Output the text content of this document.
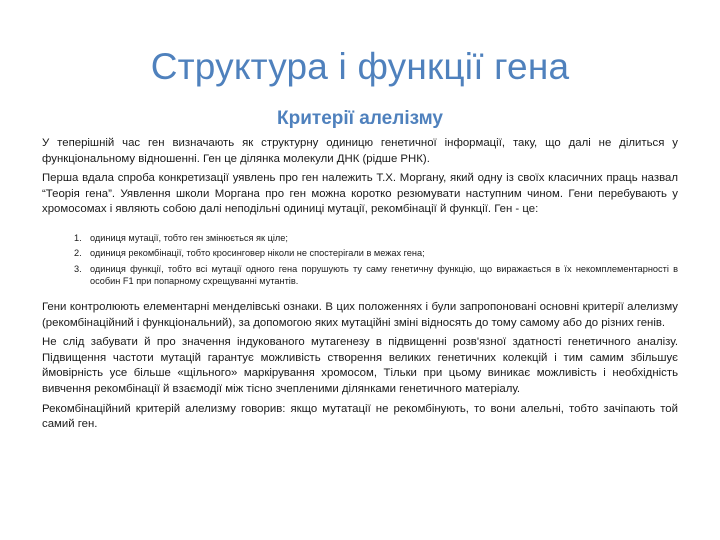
Структура і функції гена
Критерії алелізму

У теперішній час ген визначають як структурну одиницю генетичної інформації, таку, що далі не ділиться у функціональному відношенні. Ген це ділянка молекули ДНК (рідше РНК).

Перша вдала спроба конкретизації уявлень про ген належить Т.Х. Моргану, який одну із своїх класичних праць назвал “Теорія гена”. Уявлення школи Моргана про ген можна коротко резюмувати наступним чином. Гени перебувають у хромосомах і являють собою далі неподільні одиниці мутації, рекомбінації й функції. Ген - це:

1. одиниця мутації, тобто ген змінюється як ціле;
2. одиниця рекомбінації, тобто кросинговер ніколи не спостерігали в межах гена;
3. одиниця функції, тобто всі мутації одного гена порушують ту саму генетичну функцію, що виражається в їх некомплементарності в особин F1 при попарному схрещуванні мутантів.

Гени контролюють елементарні менделівські ознаки. В цих положеннях і були запропоновані основні критерії алелизму (рекомбінаційний і функціональний), за допомогою яких мутаційні зміні відносять до тому самому або до різних генів.

Не слід забувати й про значення індукованого мутагенезу в підвищенні розв'язної здатності генетичного аналізу. Підвищення частоти мутацій гарантує можливість створення великих генетичних колекцій і тим самим збільшує ймовірність усе більше «щільного» маркірування хромосом, Тільки при цьому виникає можливість і необхідність вивчення рекомбінації й взаємодії між тісно зчепленими ділянками генетичного матеріалу.

Рекомбінаційний критерій алелизму говорив: якщо мутатації не рекомбінують, то вони алельні, тобто зачіпають той самий ген.
